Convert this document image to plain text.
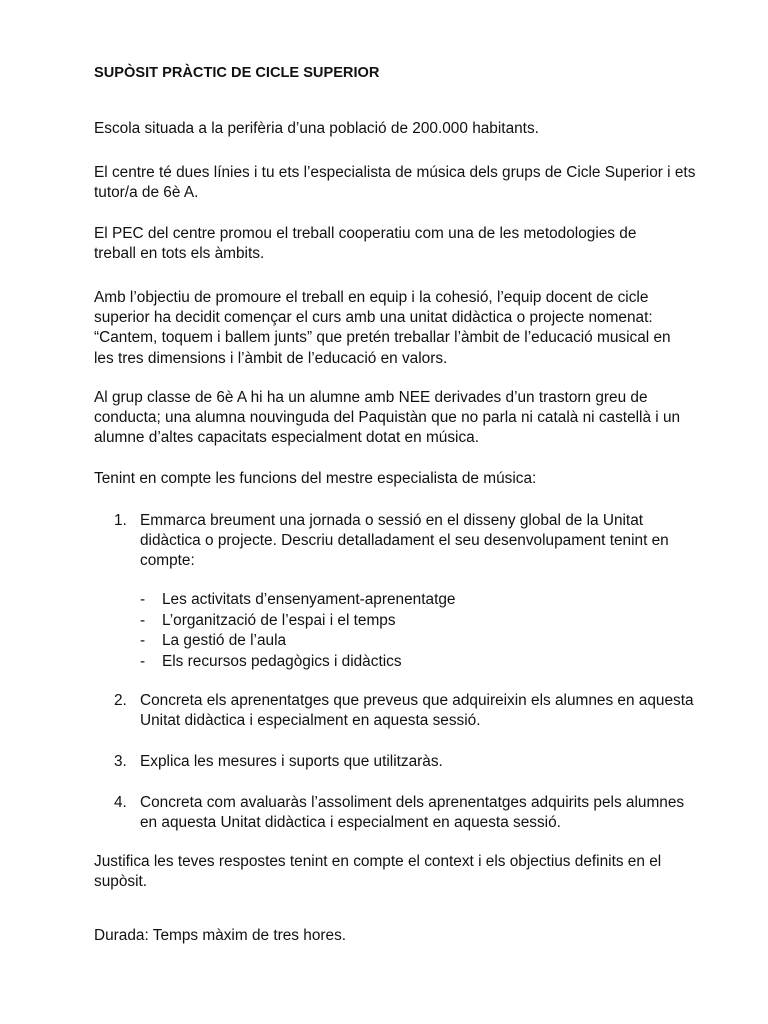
SUPÒSIT PRÀCTIC DE CICLE SUPERIOR
Escola situada a la perifèria d’una població de 200.000 habitants.
El centre té dues línies i tu ets l’especialista de música dels grups de Cicle Superior i ets
tutor/a de 6è A.
El PEC del centre promou el treball cooperatiu com una de les metodologies de
treball en tots els àmbits.
Amb l’objectiu de promoure el treball en equip i la cohesió, l’equip docent de cicle
superior ha decidit començar el curs amb una unitat didàctica o projecte nomenat:
“Cantem, toquem i ballem junts” que pretén treballar l’àmbit de l’educació musical en
les tres dimensions i l’àmbit de l’educació en valors.
Al grup classe de 6è A hi ha un alumne amb NEE derivades d’un trastorn greu de
conducta; una alumna nouvinguda del Paquistàn que no parla ni català ni castellà i un
alumne d’altes capacitats especialment dotat en música.
Tenint en compte les funcions del mestre especialista de música:
1. Emmarca breument una jornada o sessió en el disseny global de la Unitat
didàctica o projecte. Descriu detalladament el seu desenvolupament tenint en
compte:
- Les activitats d’ensenyament-aprenentatge
- L’organització de l’espai i el temps
- La gestió de l’aula
- Els recursos pedagògics i didàctics
2. Concreta els aprenentatges que preveus que adquireixin els alumnes en aquesta
Unitat didàctica i especialment en aquesta sessió.
3. Explica les mesures i suports que utilitzaràs.
4. Concreta com avaluaràs l’assoliment dels aprenentatges adquirits pels alumnes
en aquesta Unitat didàctica i especialment en aquesta sessió.
Justifica les teves respostes tenint en compte el context i els objectius definits en el
supòsit.
Durada: Temps màxim de tres hores.
